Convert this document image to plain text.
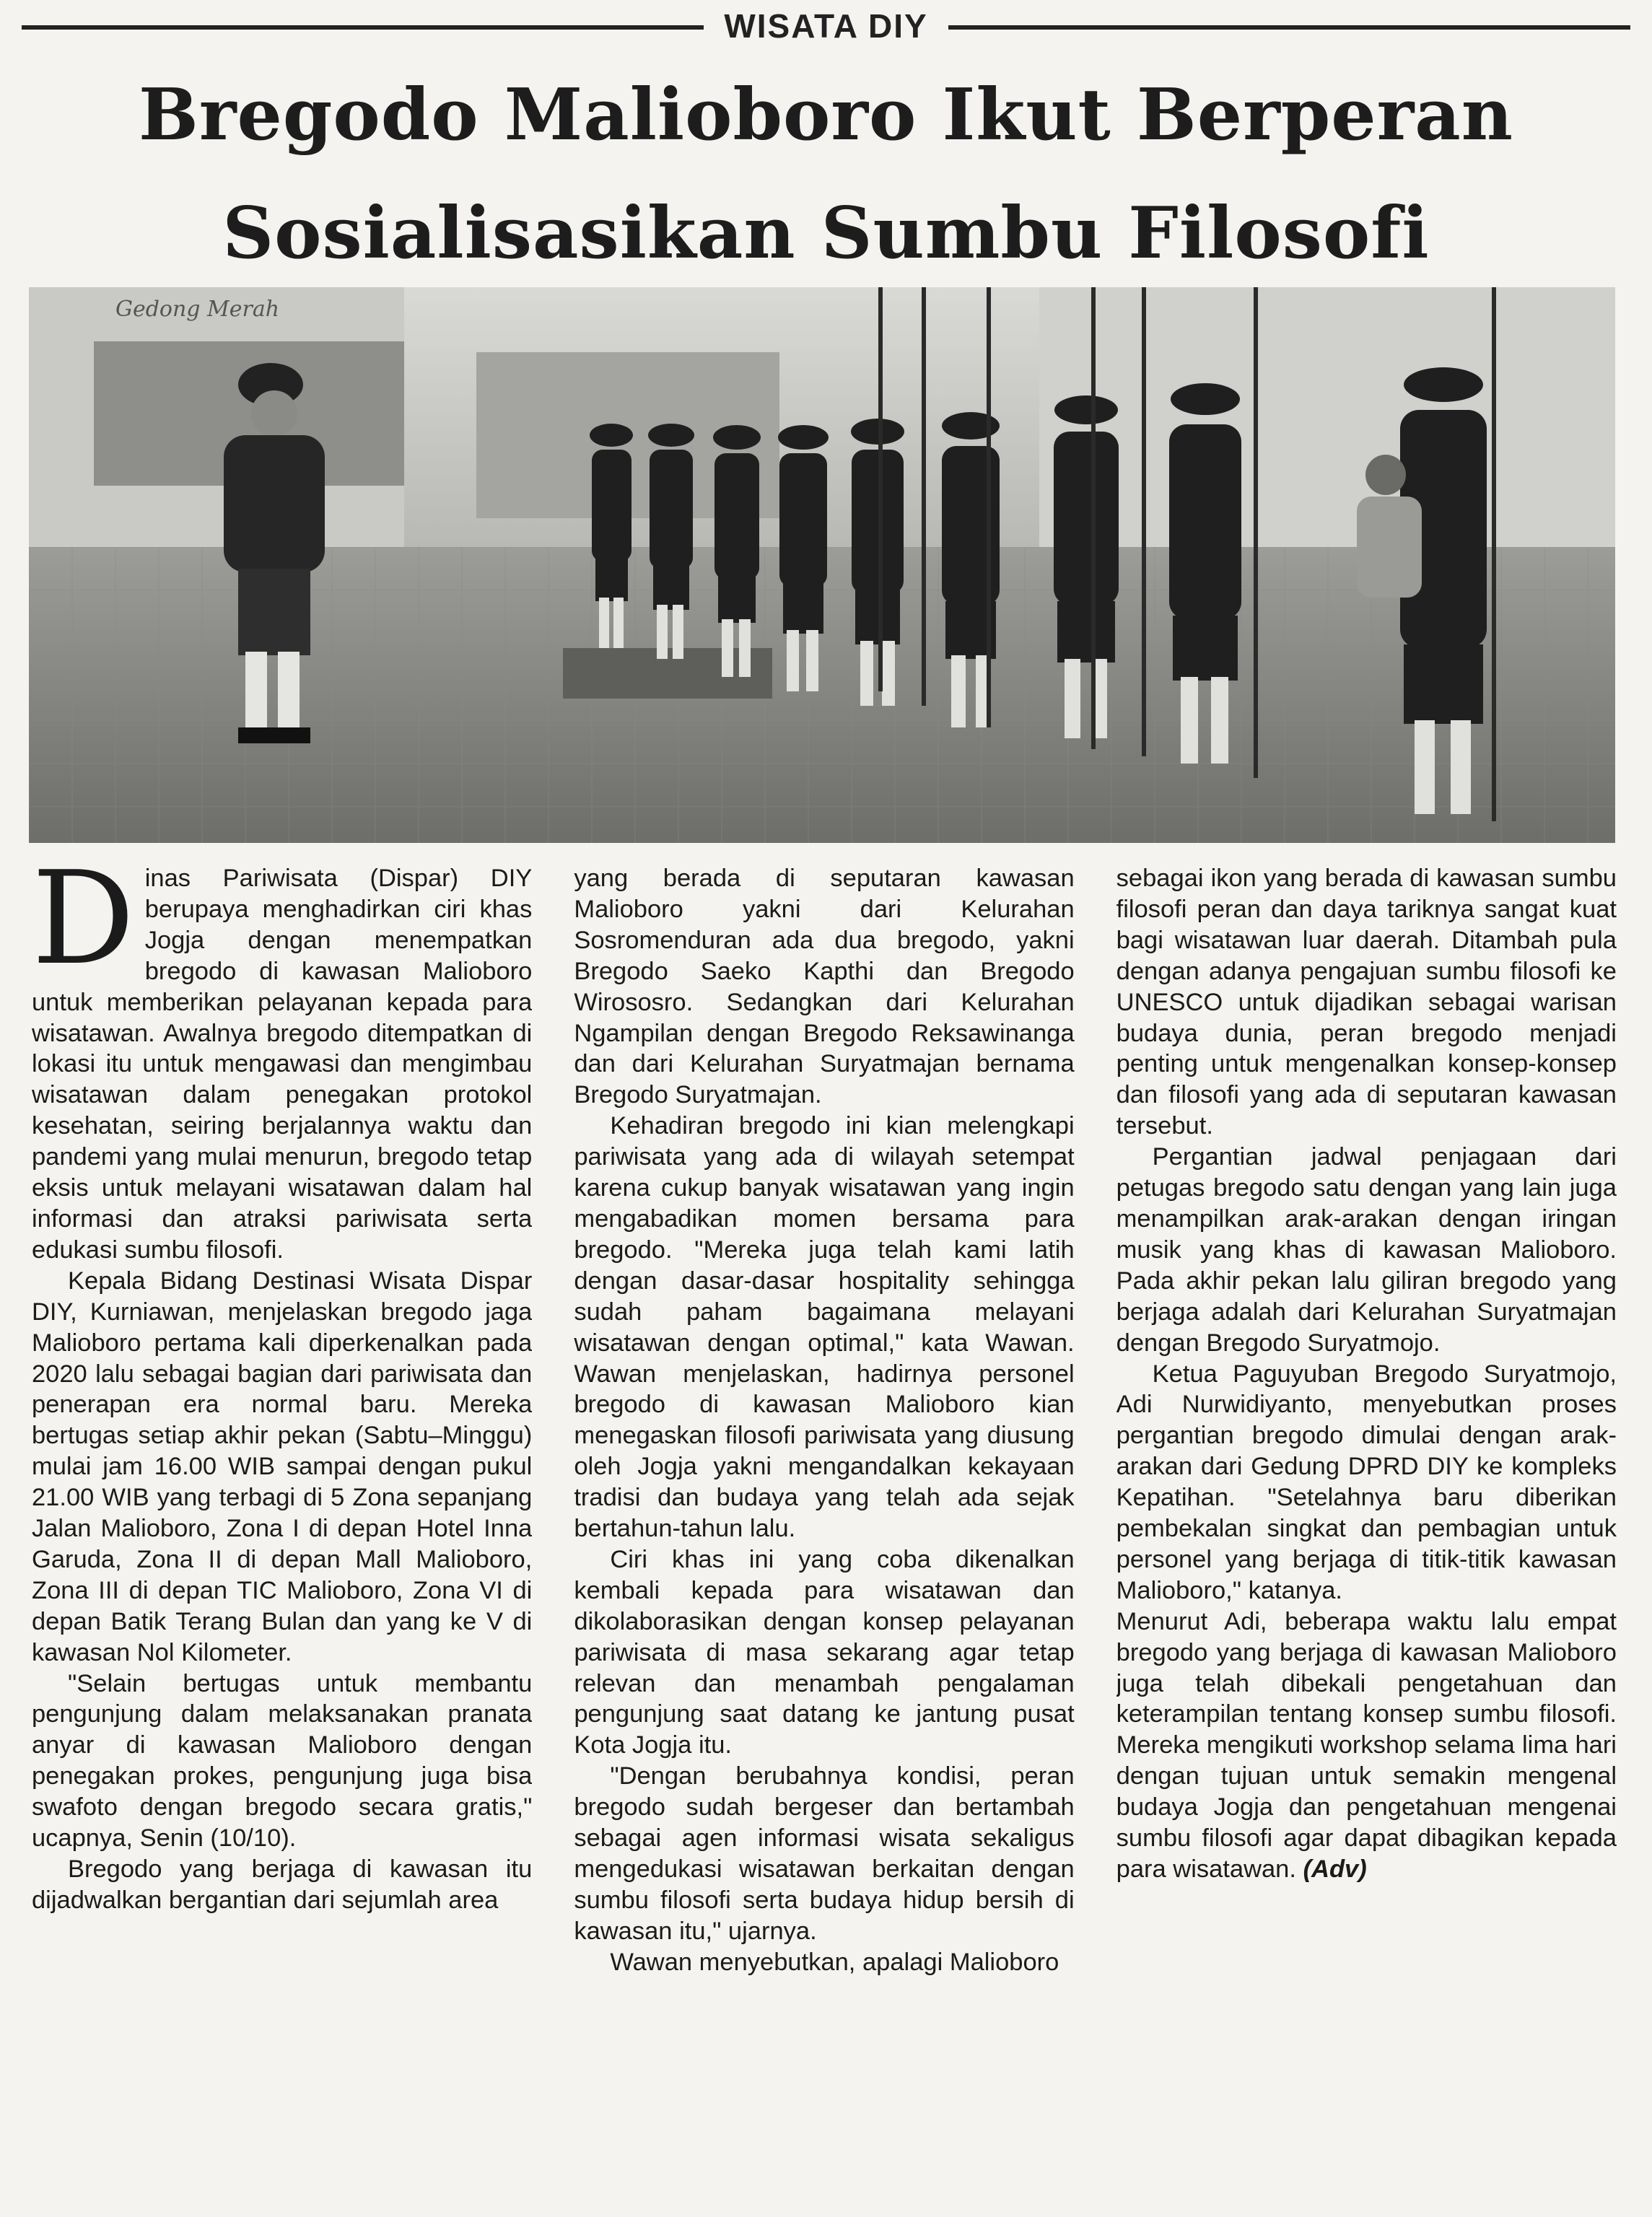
WISATA DIY
Bregodo Malioboro Ikut Berperan
Sosialisasikan Sumbu Filosofi
Gedong Merah

Dinas Pariwisata (Dispar) DIY berupaya menghadirkan ciri khas Jogja dengan menempatkan bregodo di kawasan Malioboro untuk memberikan pelayanan kepada para wisatawan. Awalnya bregodo ditempatkan di lokasi itu untuk mengawasi dan mengimbau wisatawan dalam penegakan protokol kesehatan, seiring berjalannya waktu dan pandemi yang mulai menurun, bregodo tetap eksis untuk melayani wisatawan dalam hal informasi dan atraksi pariwisata serta edukasi sumbu filosofi.

Kepala Bidang Destinasi Wisata Dispar DIY, Kurniawan, menjelaskan bregodo jaga Malioboro pertama kali diperkenalkan pada 2020 lalu sebagai bagian dari pariwisata dan penerapan era normal baru. Mereka bertugas setiap akhir pekan (Sabtu–Minggu) mulai jam 16.00 WIB sampai dengan pukul 21.00 WIB yang terbagi di 5 Zona sepanjang Jalan Malioboro, Zona I di depan Hotel Inna Garuda, Zona II di depan Mall Malioboro, Zona III di depan TIC Malioboro, Zona VI di depan Batik Terang Bulan dan yang ke V di kawasan Nol Kilometer.

"Selain bertugas untuk membantu pengunjung dalam melaksanakan pranata anyar di kawasan Malioboro dengan penegakan prokes, pengunjung juga bisa swafoto dengan bregodo secara gratis," ucapnya, Senin (10/10).

Bregodo yang berjaga di kawasan itu dijadwalkan bergantian dari sejumlah area

yang berada di seputaran kawasan Malioboro yakni dari Kelurahan Sosromenduran ada dua bregodo, yakni Bregodo Saeko Kapthi dan Bregodo Wirososro. Sedangkan dari Kelurahan Ngampilan dengan Bregodo Reksawinanga dan dari Kelurahan Suryatmajan bernama Bregodo Suryatmajan.

Kehadiran bregodo ini kian melengkapi pariwisata yang ada di wilayah setempat karena cukup banyak wisatawan yang ingin mengabadikan momen bersama para bregodo. "Mereka juga telah kami latih dengan dasar-dasar hospitality sehingga sudah paham bagaimana melayani wisatawan dengan optimal," kata Wawan. Wawan menjelaskan, hadirnya personel bregodo di kawasan Malioboro kian menegaskan filosofi pariwisata yang diusung oleh Jogja yakni mengandalkan kekayaan tradisi dan budaya yang telah ada sejak bertahun-tahun lalu.

Ciri khas ini yang coba dikenalkan kembali kepada para wisatawan dan dikolaborasikan dengan konsep pelayanan pariwisata di masa sekarang agar tetap relevan dan menambah pengalaman pengunjung saat datang ke jantung pusat Kota Jogja itu.

"Dengan berubahnya kondisi, peran bregodo sudah bergeser dan bertambah sebagai agen informasi wisata sekaligus mengedukasi wisatawan berkaitan dengan sumbu filosofi serta budaya hidup bersih di kawasan itu," ujarnya.

Wawan menyebutkan, apalagi Malioboro

sebagai ikon yang berada di kawasan sumbu filosofi peran dan daya tariknya sangat kuat bagi wisatawan luar daerah. Ditambah pula dengan adanya pengajuan sumbu filosofi ke UNESCO untuk dijadikan sebagai warisan budaya dunia, peran bregodo menjadi penting untuk mengenalkan konsep-konsep dan filosofi yang ada di seputaran kawasan tersebut.

Pergantian jadwal penjagaan dari petugas bregodo satu dengan yang lain juga menampilkan arak-arakan dengan iringan musik yang khas di kawasan Malioboro. Pada akhir pekan lalu giliran bregodo yang berjaga adalah dari Kelurahan Suryatmajan dengan Bregodo Suryatmojo.

Ketua Paguyuban Bregodo Suryatmojo, Adi Nurwidiyanto, menyebutkan proses pergantian bregodo dimulai dengan arak-arakan dari Gedung DPRD DIY ke kompleks Kepatihan. "Setelahnya baru diberikan pembekalan singkat dan pembagian untuk personel yang berjaga di titik-titik kawasan Malioboro," katanya.

Menurut Adi, beberapa waktu lalu empat bregodo yang berjaga di kawasan Malioboro juga telah dibekali pengetahuan dan keterampilan tentang konsep sumbu filosofi. Mereka mengikuti workshop selama lima hari dengan tujuan untuk semakin mengenal budaya Jogja dan pengetahuan mengenai sumbu filosofi agar dapat dibagikan kepada para wisatawan. (Adv)
